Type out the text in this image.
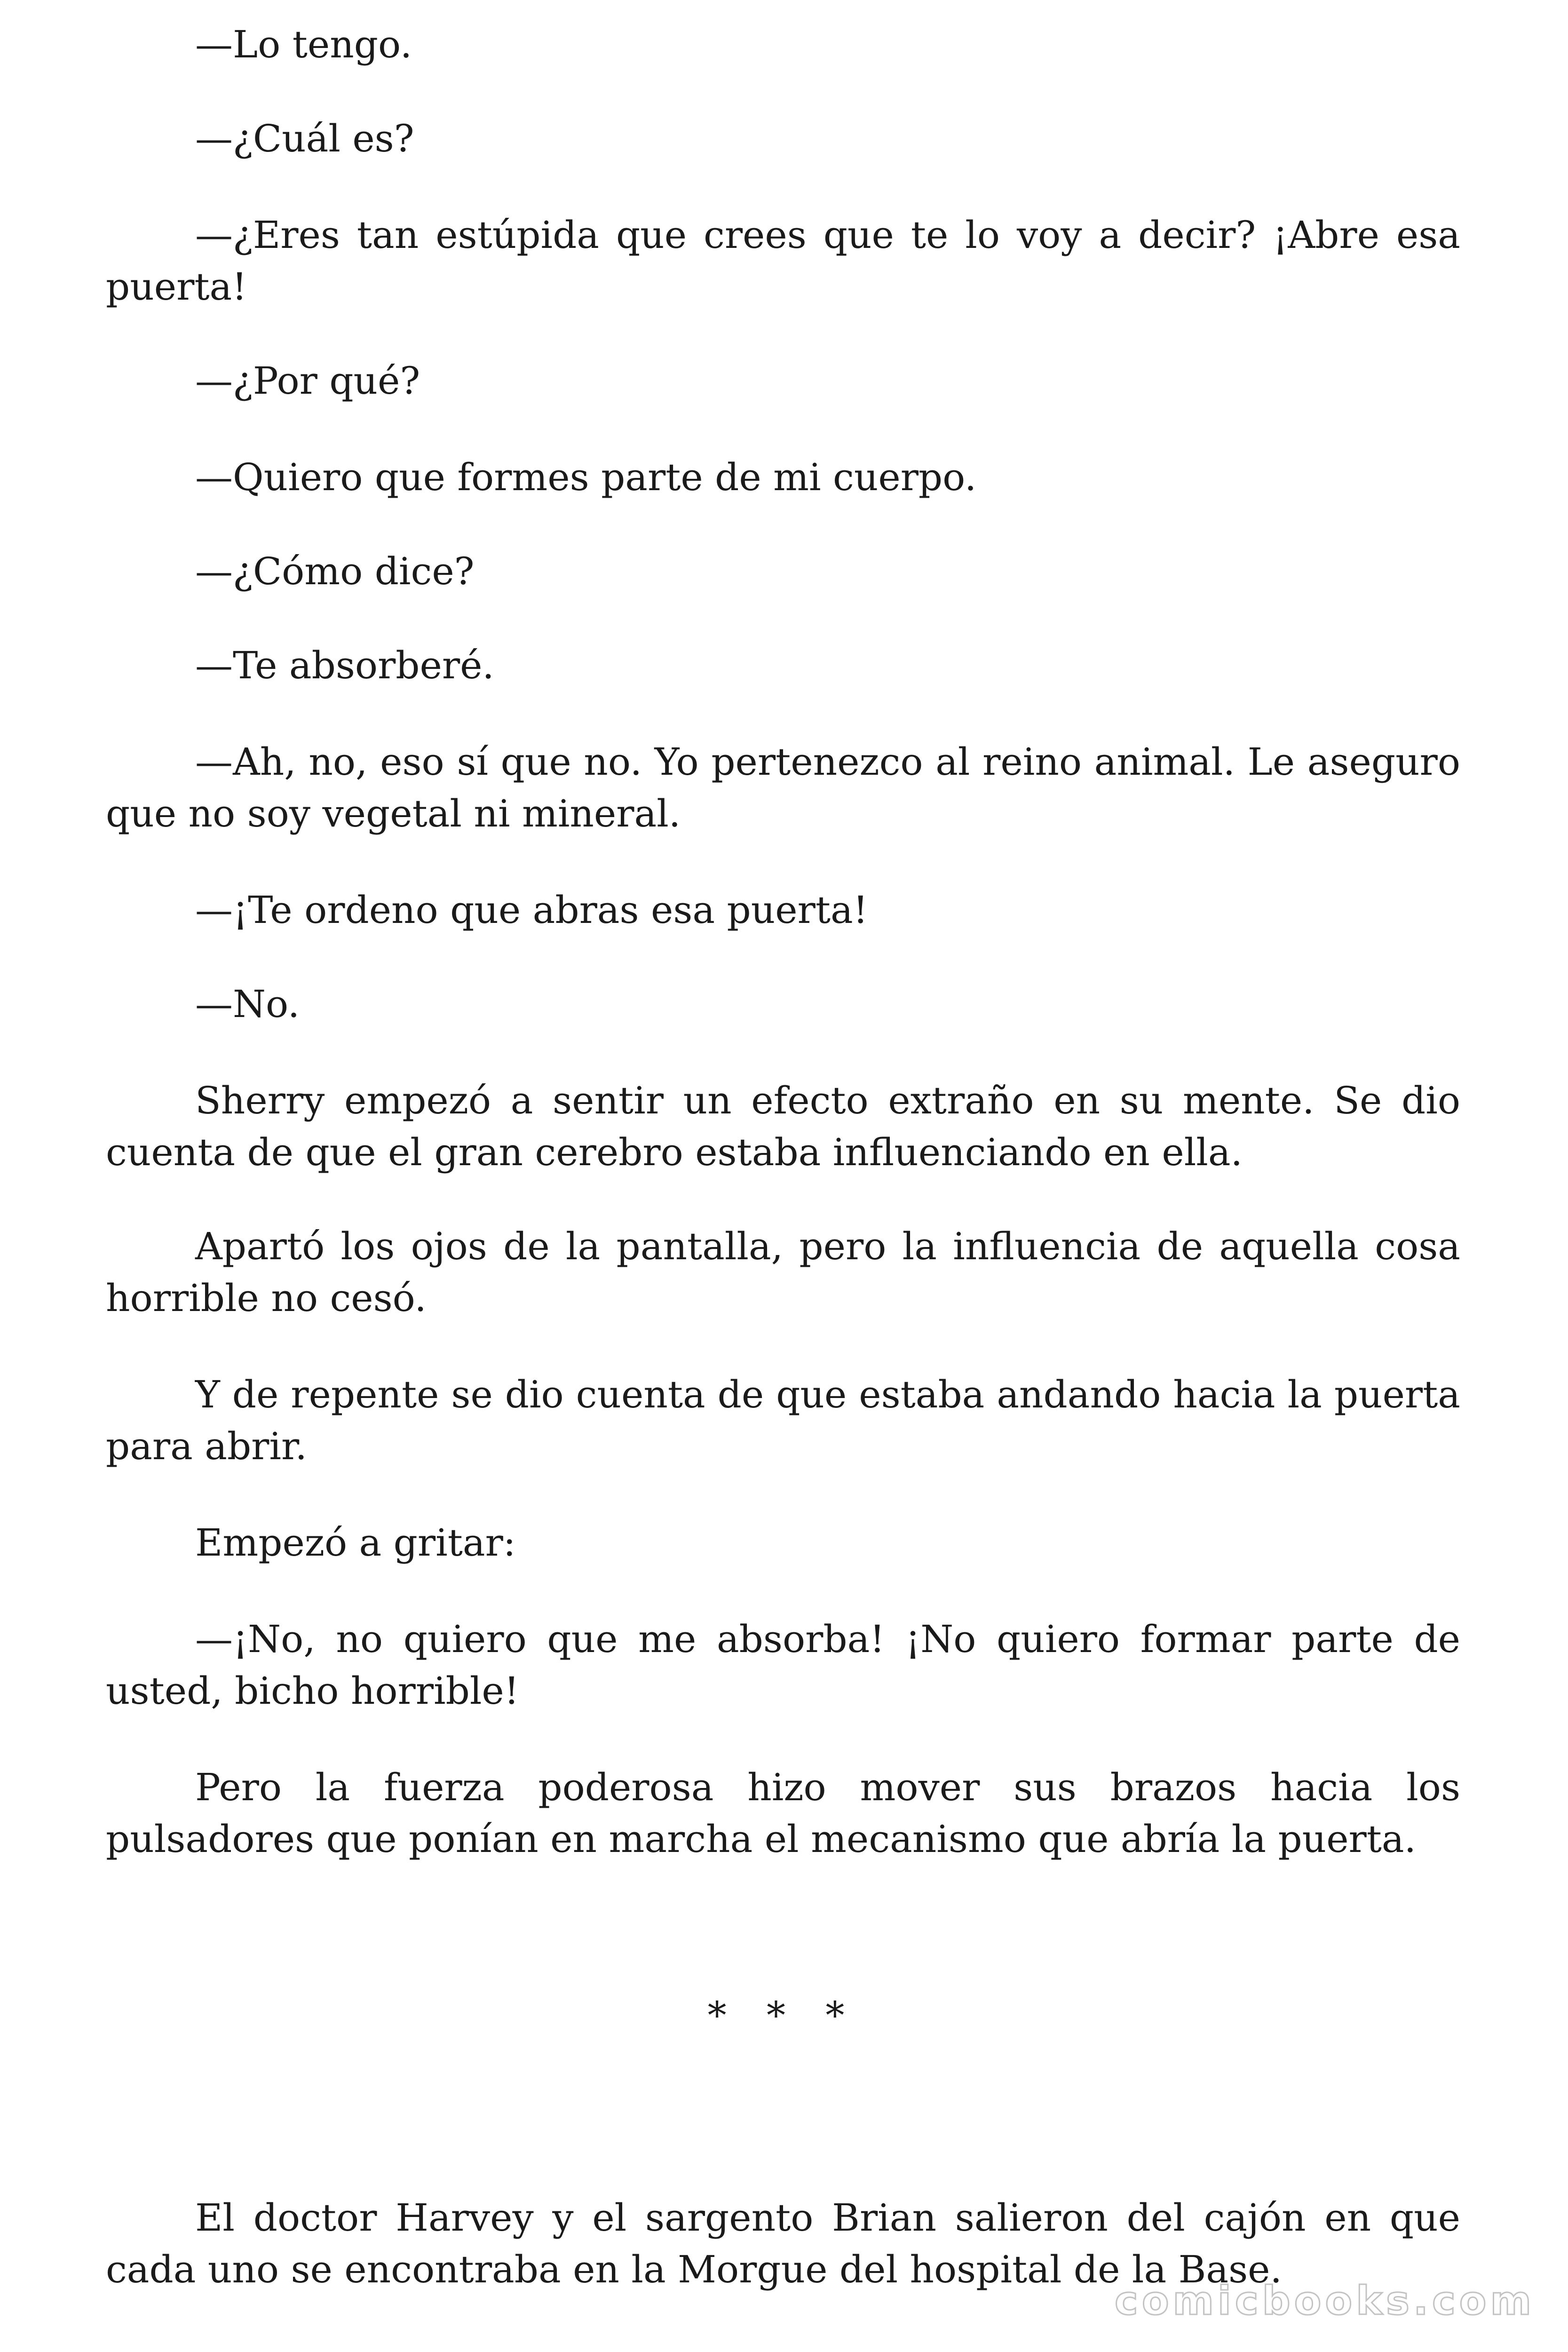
—Lo tengo.

—¿Cuál es?

—¿Eres tan estúpida que crees que te lo voy a decir? ¡Abre esa puerta!

—¿Por qué?

—Quiero que formes parte de mi cuerpo.

—¿Cómo dice?

—Te absorberé.

—Ah, no, eso sí que no. Yo pertenezco al reino animal. Le aseguro que no soy vegetal ni mineral.

—¡Te ordeno que abras esa puerta!

—No.

Sherry empezó a sentir un efecto extraño en su mente. Se dio cuenta de que el gran cerebro estaba influenciando en ella.

Apartó los ojos de la pantalla, pero la influencia de aquella cosa horrible no cesó.

Y de repente se dio cuenta de que estaba andando hacia la puerta para abrir.

Empezó a gritar:

—¡No, no quiero que me absorba! ¡No quiero formar parte de usted, bicho horrible!

Pero la fuerza poderosa hizo mover sus brazos hacia los pulsadores que ponían en marcha el mecanismo que abría la puerta.

* * *

El doctor Harvey y el sargento Brian salieron del cajón en que cada uno se encontraba en la Morgue del hospital de la Base.

comicbooks.com
